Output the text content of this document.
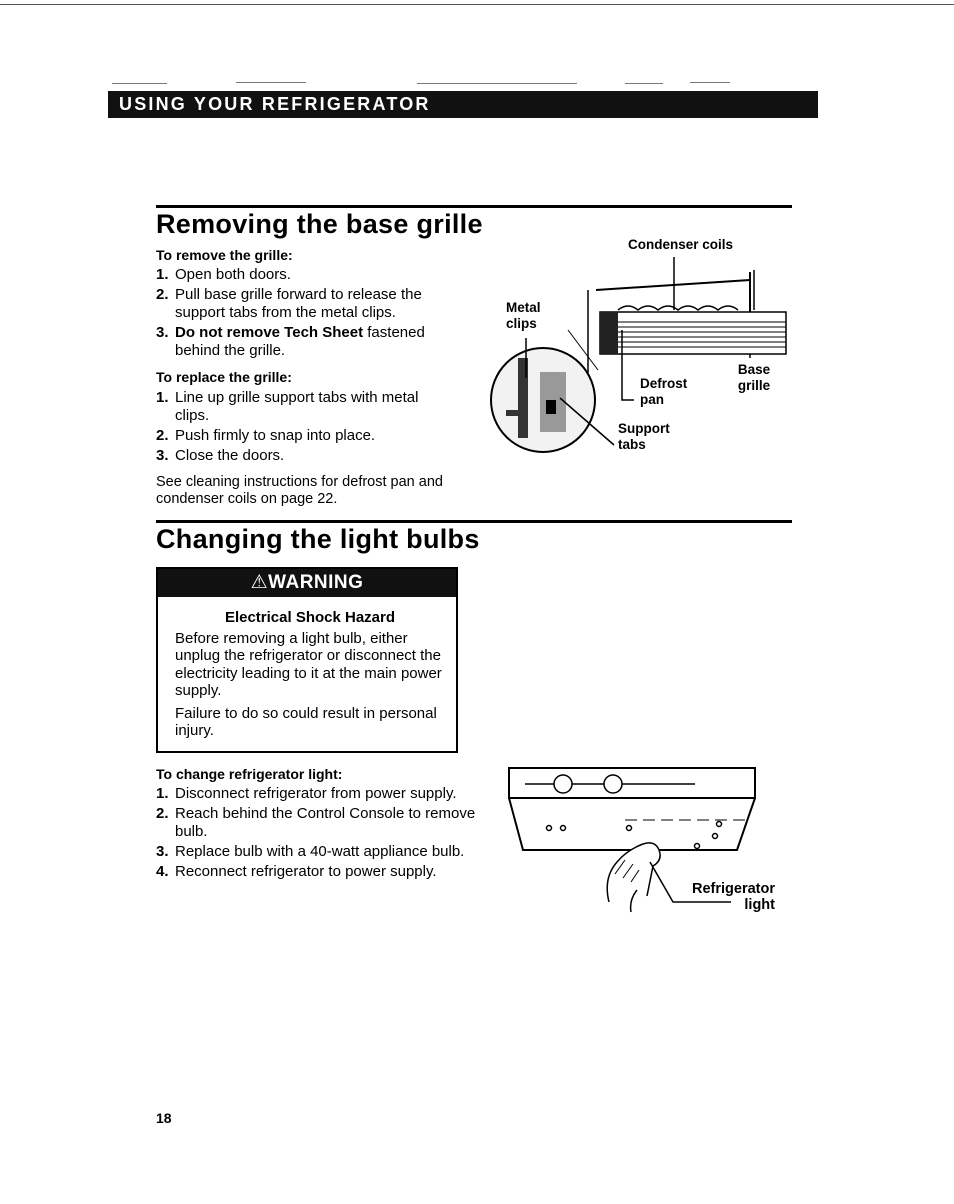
USING YOUR REFRIGERATOR
Removing the base grille

To remove the grille:

1. Open both doors.
2. Pull base grille forward to release the support tabs from the metal clips.
3. Do not remove Tech Sheet fastened behind the grille.

To replace the grille:

1. Line up grille support tabs with metal clips.
2. Push firmly to snap into place.
3. Close the doors.
See cleaning instructions for defrost pan and condenser coils on page 22.
Condenser coils
Metal clips
Defrost pan
Base grille
Support tabs
Changing the light bulbs
⚠WARNING
Electrical Shock Hazard

Before removing a light bulb, either unplug the refrigerator or disconnect the electricity leading to it at the main power supply.

Failure to do so could result in personal injury.

To change refrigerator light:

1. Disconnect refrigerator from power supply.
2. Reach behind the Control Console to remove bulb.
3. Replace bulb with a 40-watt appliance bulb.
4. Reconnect refrigerator to power supply.
Refrigerator light
18
